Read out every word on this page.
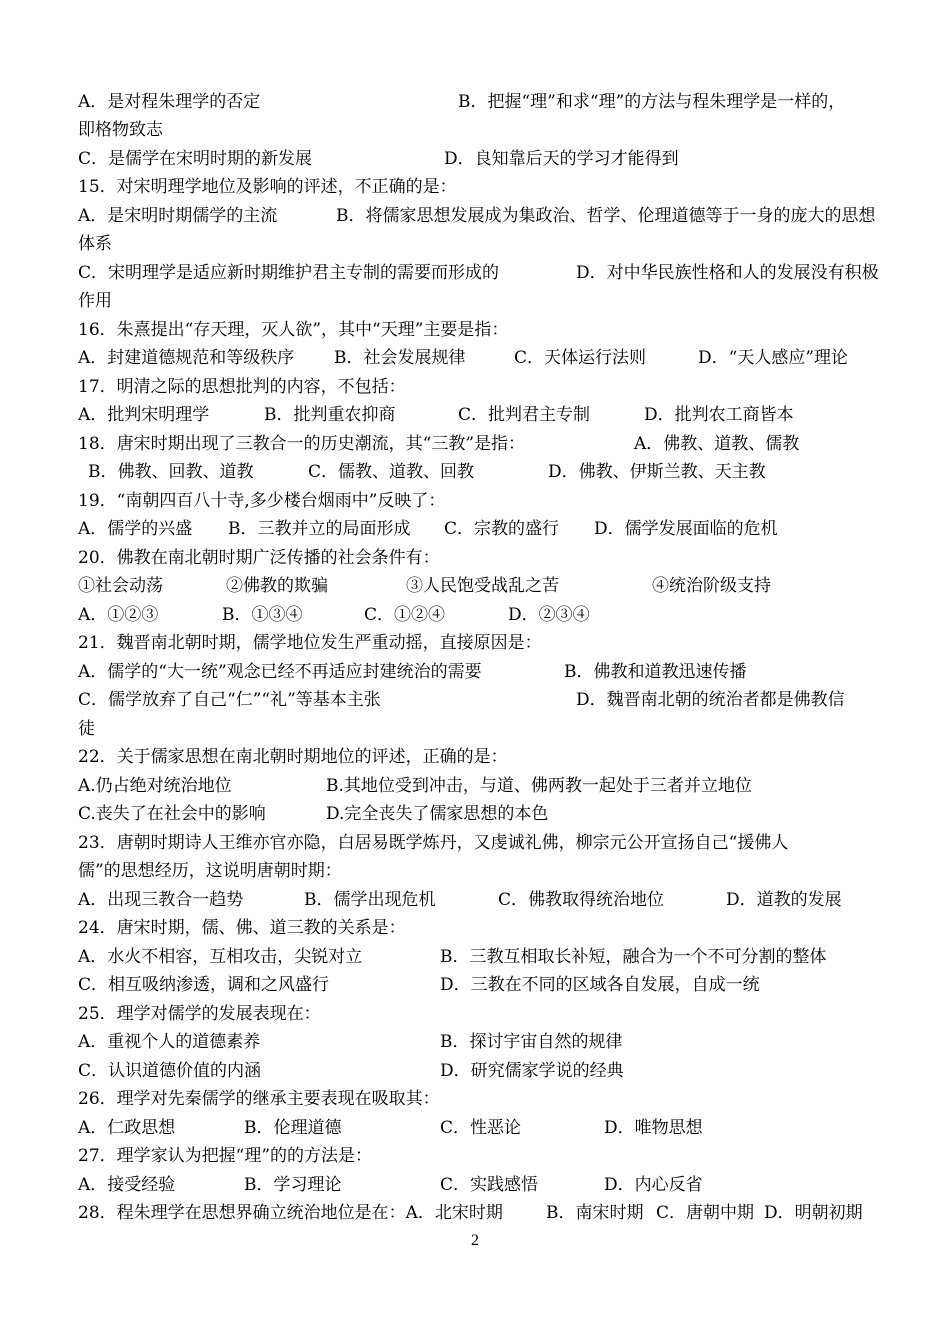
A．是对程朱理学的否定	B．把握“理”和求“理”的方法与程朱理学是一样的，
即格物致志
C．是儒学在宋明时期的新发展	D．良知靠后天的学习才能得到
15．对宋明理学地位及影响的评述，不正确的是：
A．是宋明时期儒学的主流	B．将儒家思想发展成为集政治、哲学、伦理道德等于一身的庞大的思想
体系
C．宋明理学是适应新时期维护君主专制的需要而形成的	D．对中华民族性格和人的发展没有积极
作用
16．朱熹提出“存天理，灭人欲”，其中“天理”主要是指：
A．封建道德规范和等级秩序 B．社会发展规律	C．天体运行法则	D．“天人感应”理论
17．明清之际的思想批判的内容，不包括：
A．批判宋明理学	B．批判重农抑商	C．批判君主专制	D．批判农工商皆本
18．唐宋时期出现了三教合一的历史潮流，其“三教”是指：	A．佛教、道教、儒教
B．佛教、回教、道教	C．儒教、道教、回教	D．佛教、伊斯兰教、天主教
19．“南朝四百八十寺,多少楼台烟雨中”反映了：
A．儒学的兴盛 B．三教并立的局面形成 C．宗教的盛行 D．儒学发展面临的危机
20．佛教在南北朝时期广泛传播的社会条件有：
①社会动荡	②佛教的欺骗	③人民饱受战乱之苦	④统治阶级支持
A．①②③	B．①③④	C．①②④	D．②③④
21．魏晋南北朝时期，儒学地位发生严重动摇，直接原因是：
A．儒学的“大一统”观念已经不再适应封建统治的需要	B．佛教和道教迅速传播
C．儒学放弃了自己“仁”“礼”等基本主张	D．魏晋南北朝的统治者都是佛教信
徒
22．关于儒家思想在南北朝时期地位的评述，正确的是：
A.仍占绝对统治地位	B.其地位受到冲击，与道、佛两教一起处于三者并立地位
C.丧失了在社会中的影响	D.完全丧失了儒家思想的本色
23．唐朝时期诗人王维亦官亦隐，白居易既学炼丹，又虔诚礼佛，柳宗元公开宣扬自己“援佛人
儒”的思想经历，这说明唐朝时期：
A．出现三教合一趋势	B．儒学出现危机	C．佛教取得统治地位	D．道教的发展
24．唐宋时期，儒、佛、道三教的关系是：
A．水火不相容，互相攻击，尖锐对立	B．三教互相取长补短，融合为一个不可分割的整体
C．相互吸纳渗透，调和之风盛行	D．三教在不同的区域各自发展，自成一统
25．理学对儒学的发展表现在：
A．重视个人的道德素养	B．探讨宇宙自然的规律
C．认识道德价值的内涵	D．研究儒家学说的经典
26．理学对先秦儒学的继承主要表现在吸取其：
A．仁政思想	B．伦理道德	C．性恶论	D．唯物思想
27．理学家认为把握“理”的的方法是：
A．接受经验	B．学习理论	C．实践感悟	D．内心反省
28．程朱理学在思想界确立统治地位是在：A．北宋时期	B．南宋时期 C．唐朝中期 D．明朝初期
2
